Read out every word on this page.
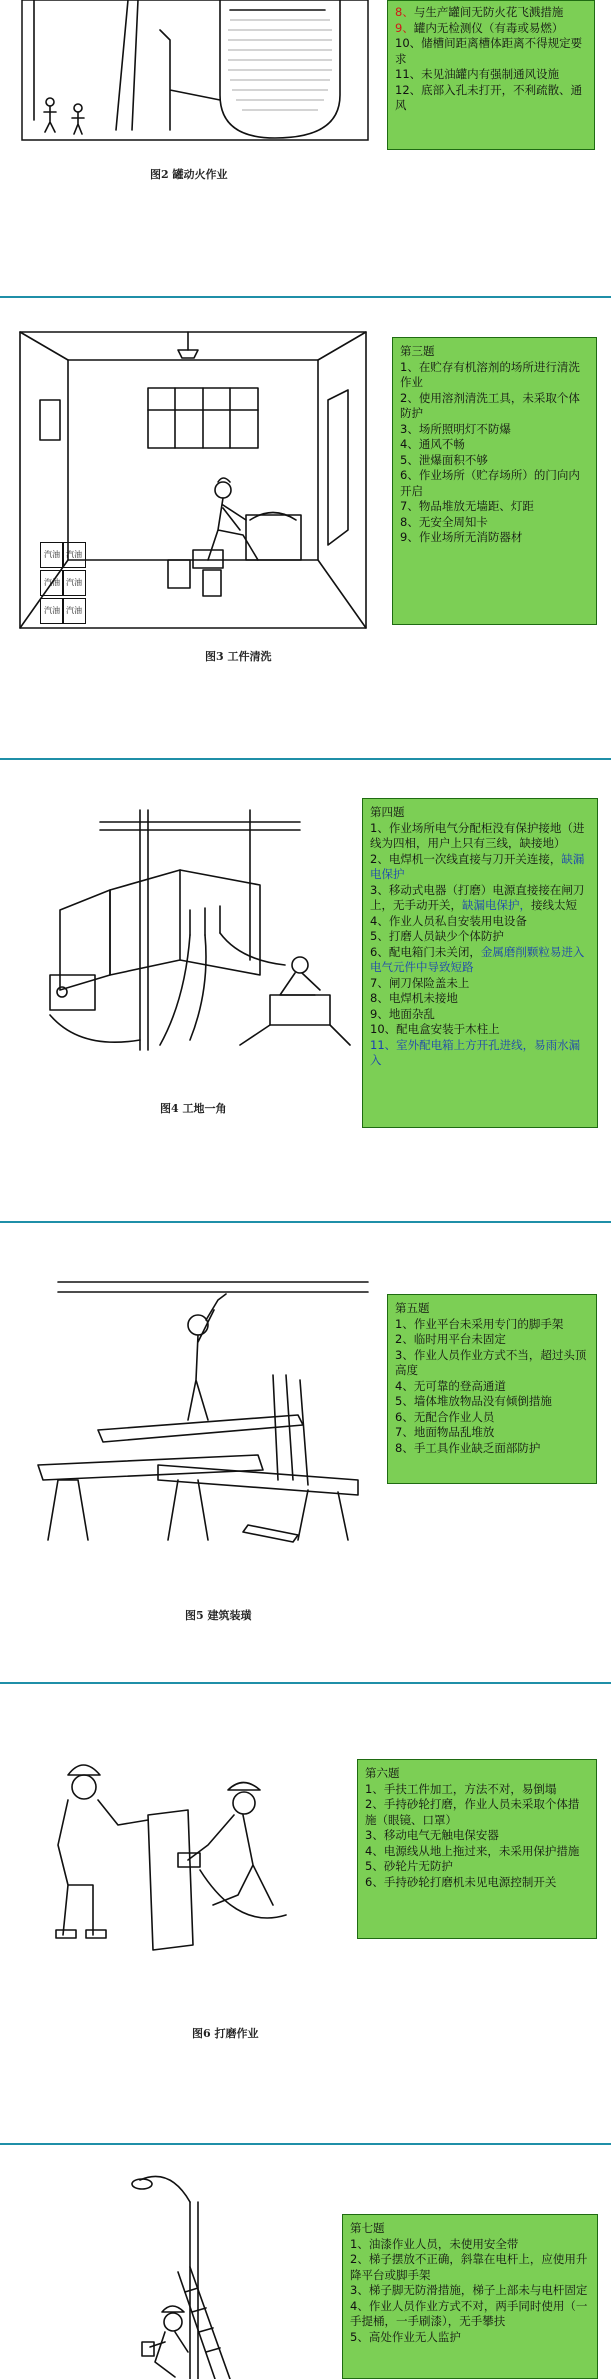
图2 罐动火作业
8、与生产罐间无防火花飞溅措施
9、罐内无检测仪（有毒或易燃）
10、储槽间距离槽体距离不得规定要求
11、未见油罐内有强制通风设施
12、底部入孔未打开，不利疏散、通风
汽油 汽油
汽油 汽油
汽油 汽油
图3 工件清洗
第三题
1、在贮存有机溶剂的场所进行清洗作业
2、使用溶剂清洗工具，未采取个体防护
3、场所照明灯不防爆
4、通风不畅
5、泄爆面积不够
6、作业场所（贮存场所）的门向内开启
7、物品堆放无墙距、灯距
8、无安全周知卡
9、作业场所无消防器材
图4 工地一角
第四题
1、作业场所电气分配柜没有保护接地（进线为四相，用户上只有三线，缺接地）
2、电焊机一次线直接与刀开关连接，缺漏电保护
3、移动式电器（打磨）电源直接接在闸刀上，无手动开关，缺漏电保护，接线太短
4、作业人员私自安装用电设备
5、打磨人员缺少个体防护
6、配电箱门未关闭，金属磨削颗粒易进入电气元件中导致短路
7、闸刀保险盖未上
8、电焊机未接地
9、地面杂乱
10、配电盒安装于木柱上
11、室外配电箱上方开孔进线，易雨水漏入
图5 建筑装璜
第五题
1、作业平台未采用专门的脚手架
2、临时用平台未固定
3、作业人员作业方式不当，超过头顶高度
4、无可靠的登高通道
5、墙体堆放物品没有倾倒措施
6、无配合作业人员
7、地面物品乱堆放
8、手工具作业缺乏面部防护
图6 打磨作业
第六题
1、手扶工件加工，方法不对，易倒塌
2、手持砂轮打磨，作业人员未采取个体措施（眼镜、口罩）
3、移动电气无触电保安器
4、电源线从地上拖过来，未采用保护措施
5、砂轮片无防护
6、手持砂轮打磨机未见电源控制开关
第七题
1、油漆作业人员，未使用安全带
2、梯子摆放不正确，斜靠在电杆上，应使用升降平台或脚手架
3、梯子脚无防滑措施，梯子上部未与电杆固定
4、作业人员作业方式不对，两手同时使用（一手提桶，一手刷漆），无手攀扶
5、高处作业无人监护
